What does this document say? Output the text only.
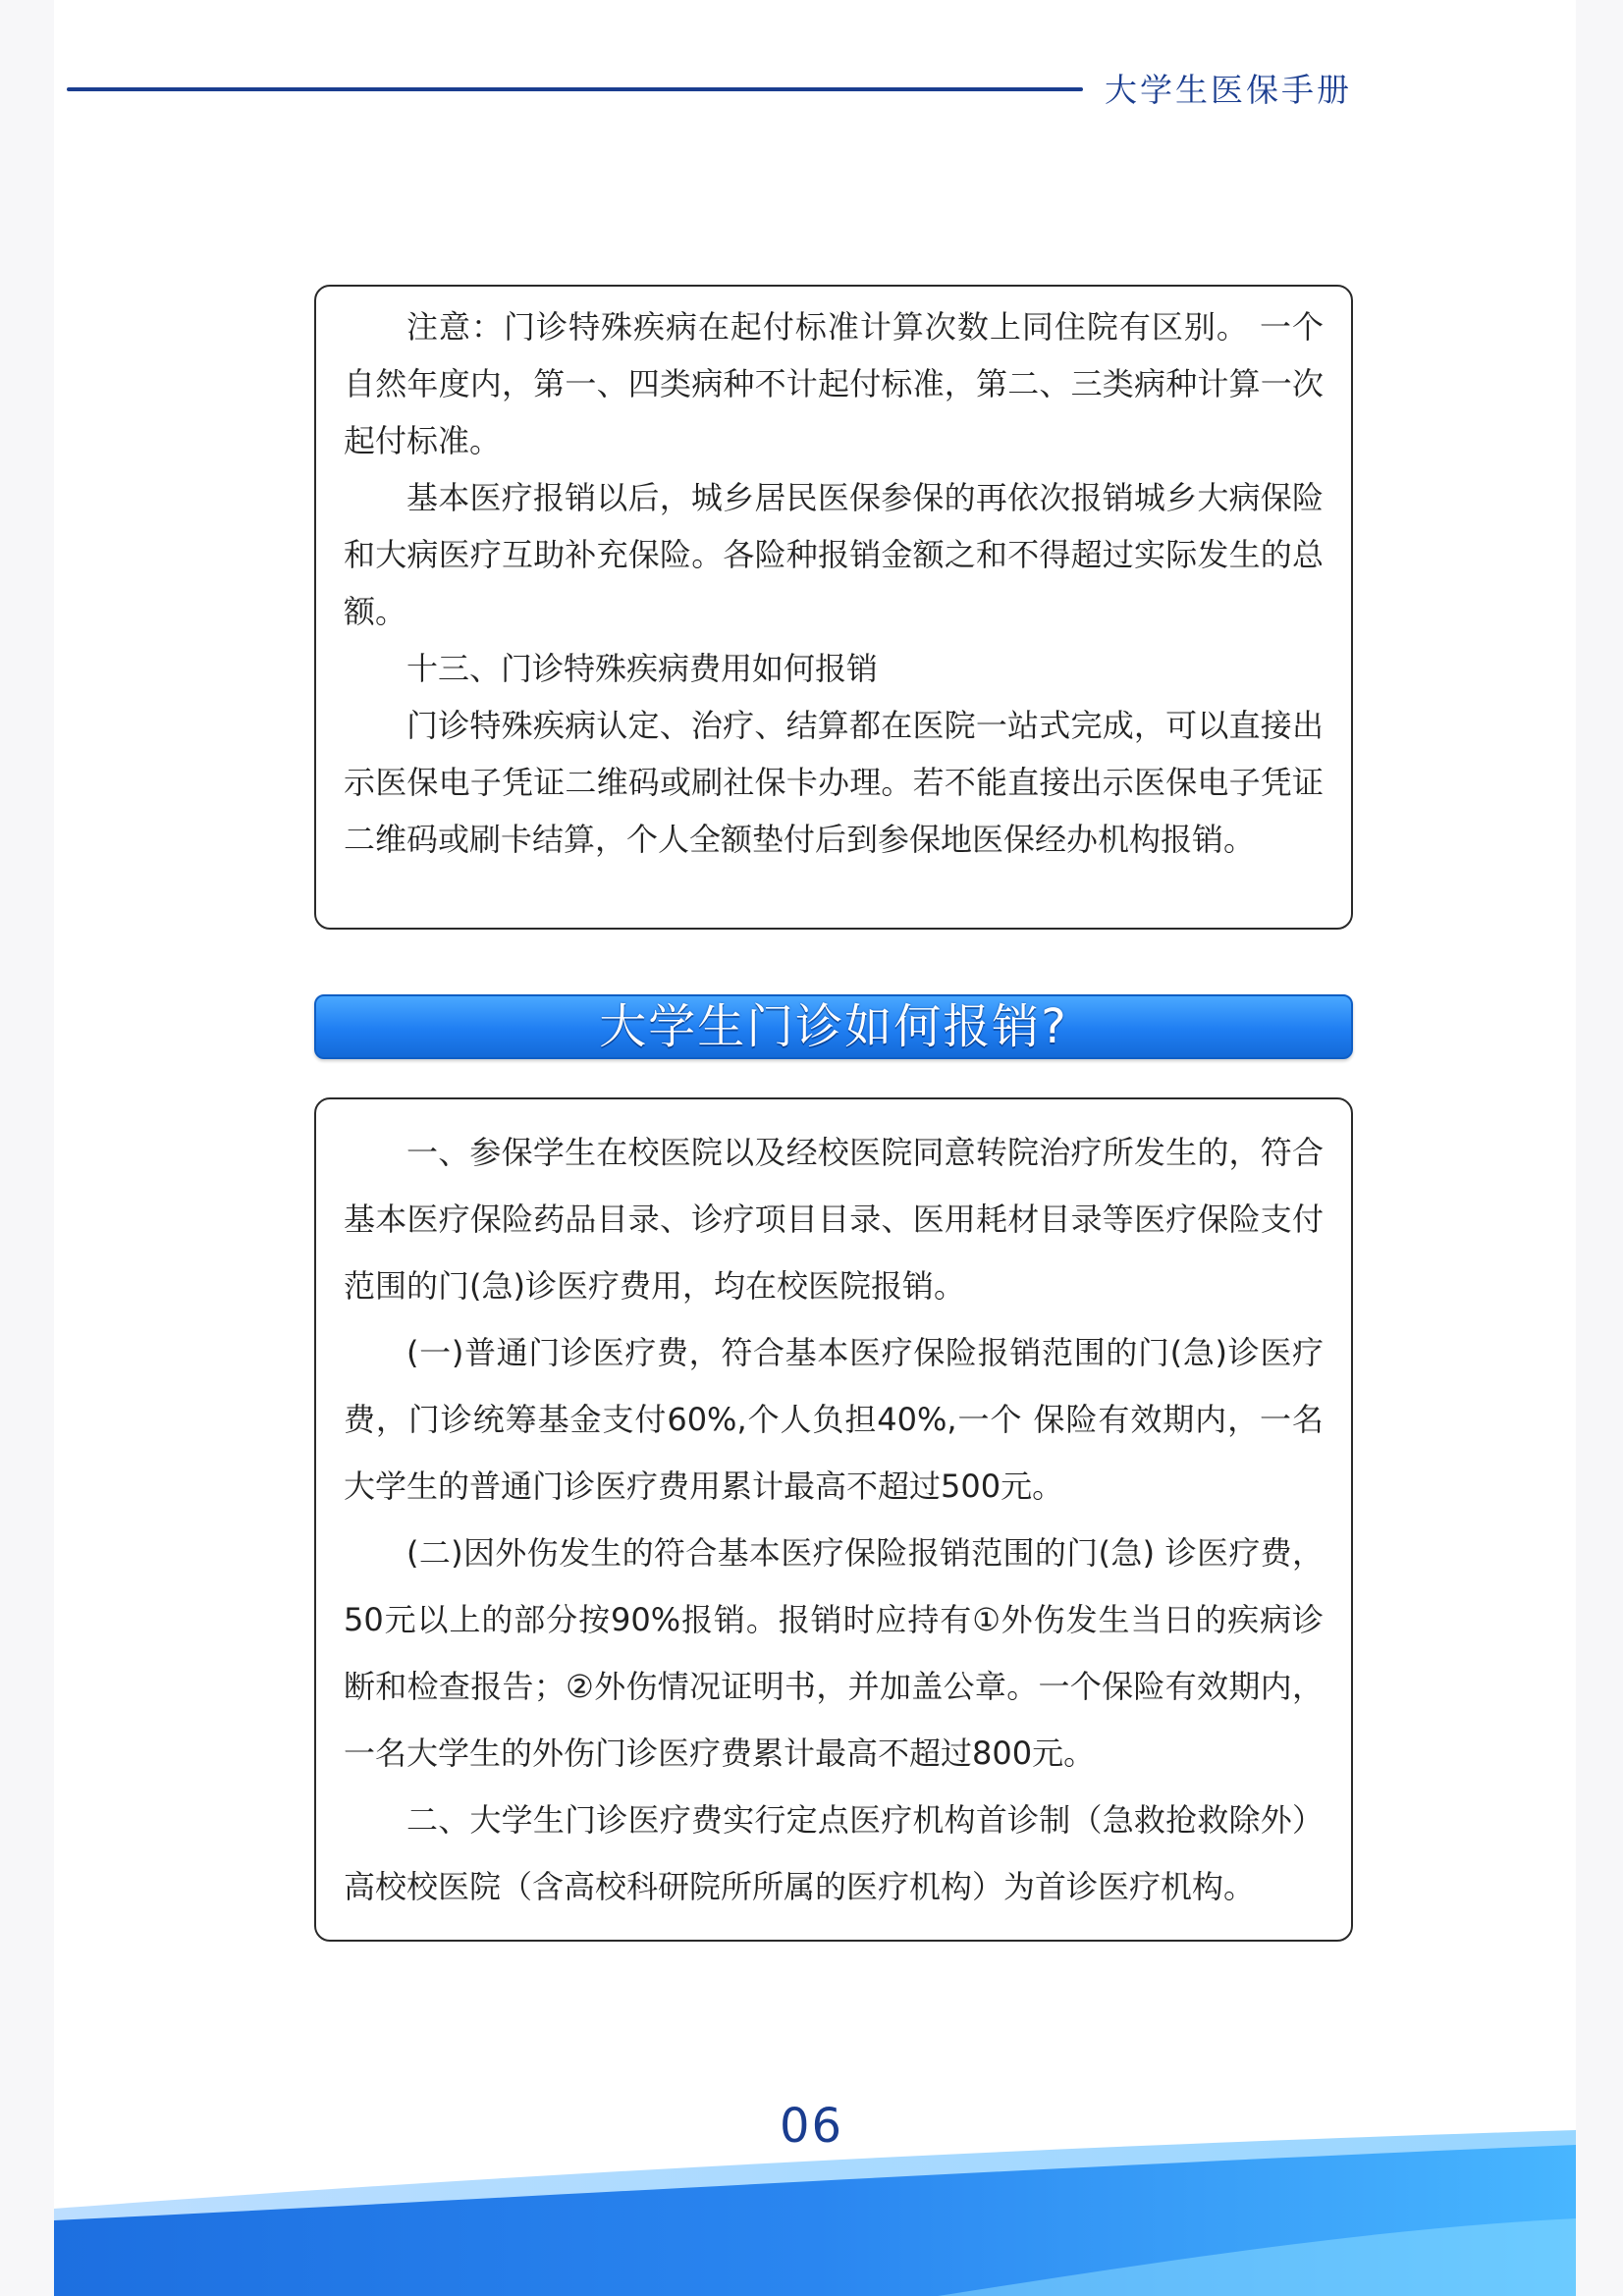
大学生医保手册

注意：门诊特殊疾病在起付标准计算次数上同住院有区别。 一个自然年度内，第一、四类病种不计起付标准，第二、三类病种计算一次起付标准。

基本医疗报销以后，城乡居民医保参保的再依次报销城乡大病保险和大病医疗互助补充保险。各险种报销金额之和不得超过实际发生的总额。

十三、门诊特殊疾病费用如何报销

门诊特殊疾病认定、治疗、结算都在医院一站式完成，可以直接出示医保电子凭证二维码或刷社保卡办理。若不能直接出示医保电子凭证二维码或刷卡结算，个人全额垫付后到参保地医保经办机构报销。

大学生门诊如何报销?

一、参保学生在校医院以及经校医院同意转院治疗所发生的，符合基本医疗保险药品目录、诊疗项目目录、医用耗材目录等医疗保险支付范围的门(急)诊医疗费用，均在校医院报销。

(一)普通门诊医疗费，符合基本医疗保险报销范围的门(急)诊医疗费，门诊统筹基金支付60%,个人负担40%,一个 保险有效期内，一名大学生的普通门诊医疗费用累计最高不超过500元。

(二)因外伤发生的符合基本医疗保险报销范围的门(急) 诊医疗费，50元以上的部分按90%报销。报销时应持有①外伤发生当日的疾病诊断和检查报告；②外伤情况证明书，并加盖公章。一个保险有效期内，一名大学生的外伤门诊医疗费累计最高不超过800元。

二、大学生门诊医疗费实行定点医疗机构首诊制（急救抢救除外）高校校医院（含高校科研院所所属的医疗机构）为首诊医疗机构。

06
